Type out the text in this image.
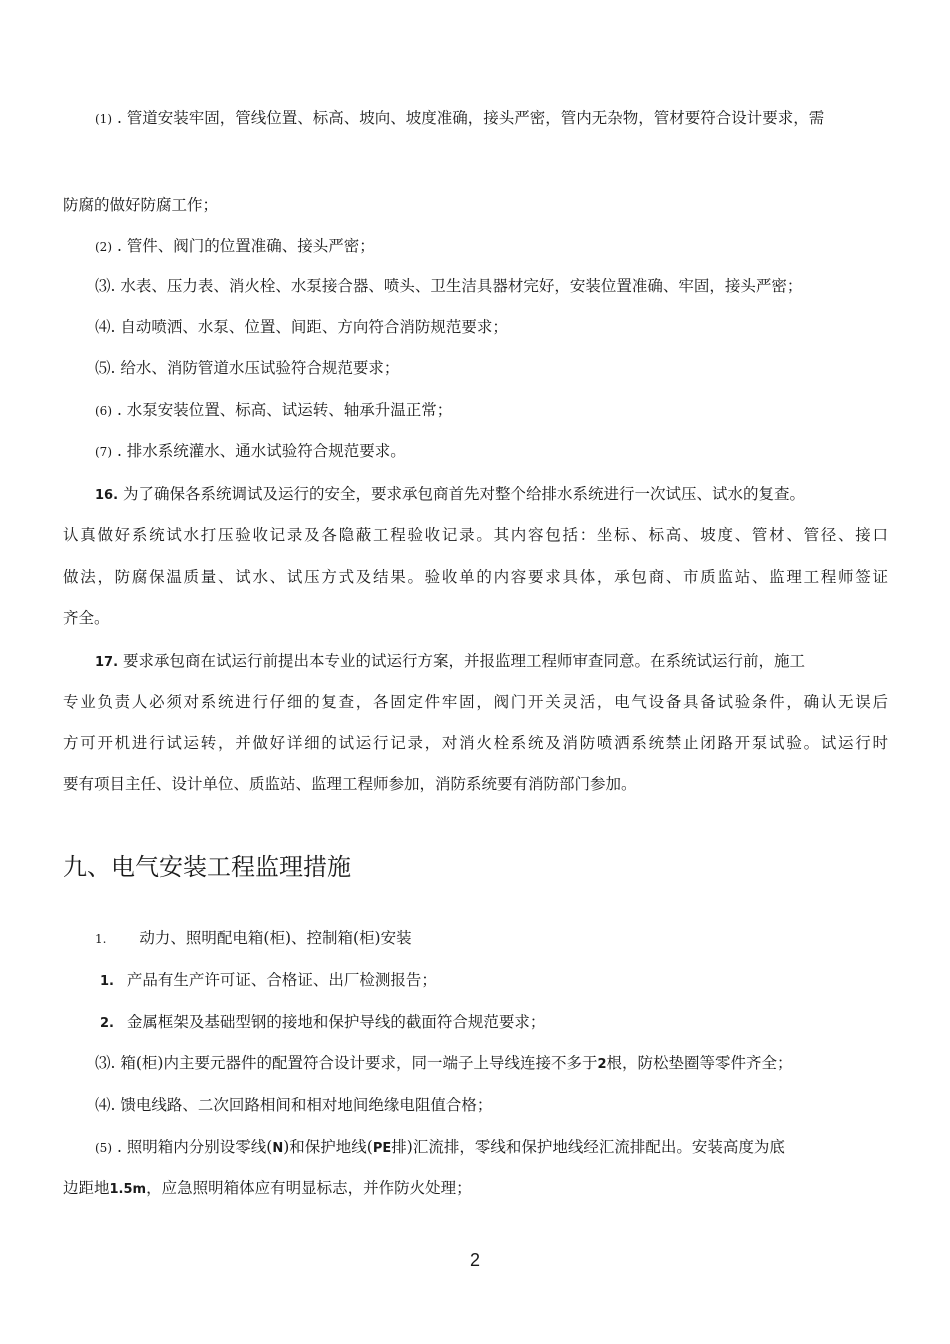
(1) . 管道安装牢固，管线位置、标高、坡向、坡度准确，接头严密，管内无杂物，管材要符合设计要求，需
防腐的做好防腐工作；
(2) . 管件、阀门的位置准确、接头严密；
⑶. 水表、压力表、消火栓、水泵接合器、喷头、卫生洁具器材完好，安装位置准确、牢固，接头严密；
⑷. 自动喷洒、水泵、位置、间距、方向符合消防规范要求；
⑸. 给水、消防管道水压试验符合规范要求；
(6) . 水泵安装位置、标高、试运转、轴承升温正常；
(7) . 排水系统灌水、通水试验符合规范要求。
16. 为了确保各系统调试及运行的安全，要求承包商首先对整个给排水系统进行一次试压、试水的复查。
认真做好系统试水打压验收记录及各隐蔽工程验收记录。其内容包括：坐标、标高、坡度、管材、管径、接口
做法，防腐保温质量、试水、试压方式及结果。验收单的内容要求具体，承包商、市质监站、监理工程师签证
齐全。
17. 要求承包商在试运行前提出本专业的试运行方案，并报监理工程师审查同意。在系统试运行前，施工
专业负责人必须对系统进行仔细的复查，各固定件牢固，阀门开关灵活，电气设备具备试验条件，确认无误后
方可开机进行试运转，并做好详细的试运行记录，对消火栓系统及消防喷洒系统禁止闭路开泵试验。试运行时
要有项目主任、设计单位、质监站、监理工程师参加，消防系统要有消防部门参加。
九、电气安装工程监理措施
1. 动力、照明配电箱(柜)、控制箱(柜)安装
1. 产品有生产许可证、合格证、出厂检测报告；
2. 金属框架及基础型钢的接地和保护导线的截面符合规范要求；
⑶. 箱(柜)内主要元器件的配置符合设计要求，同一端子上导线连接不多于2根，防松垫圈等零件齐全；
⑷. 馈电线路、二次回路相间和相对地间绝缘电阻值合格；
(5) . 照明箱内分别设零线(N)和保护地线(PE排)汇流排，零线和保护地线经汇流排配出。安装高度为底
边距地1.5m，应急照明箱体应有明显标志，并作防火处理；
2
